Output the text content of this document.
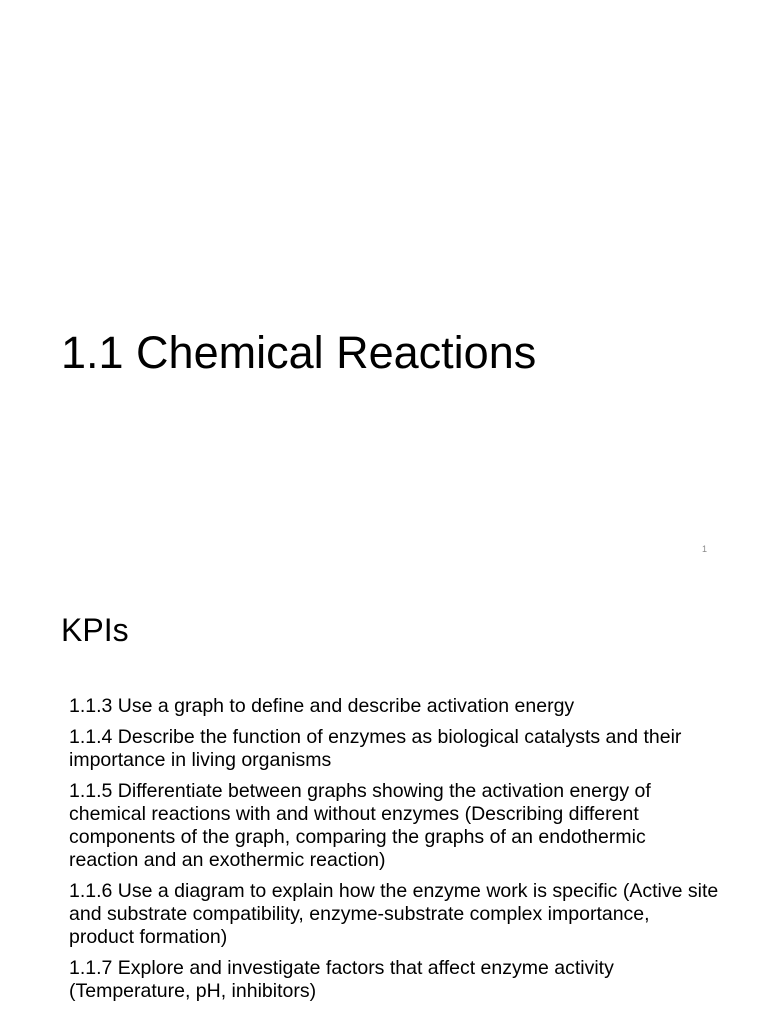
1.1 Chemical Reactions
1
KPIs
1.1.3 Use a graph to define and describe activation energy
1.1.4 Describe the function of enzymes as biological catalysts and their importance in living organisms
1.1.5 Differentiate between graphs showing the activation energy of chemical reactions with and without enzymes (Describing different components of the graph, comparing the graphs of an endothermic reaction and an exothermic reaction)
1.1.6 Use a diagram to explain how the enzyme work is specific (Active site and substrate compatibility, enzyme-substrate complex importance, product formation)
1.1.7 Explore and investigate factors that affect enzyme activity (Temperature, pH, inhibitors)
